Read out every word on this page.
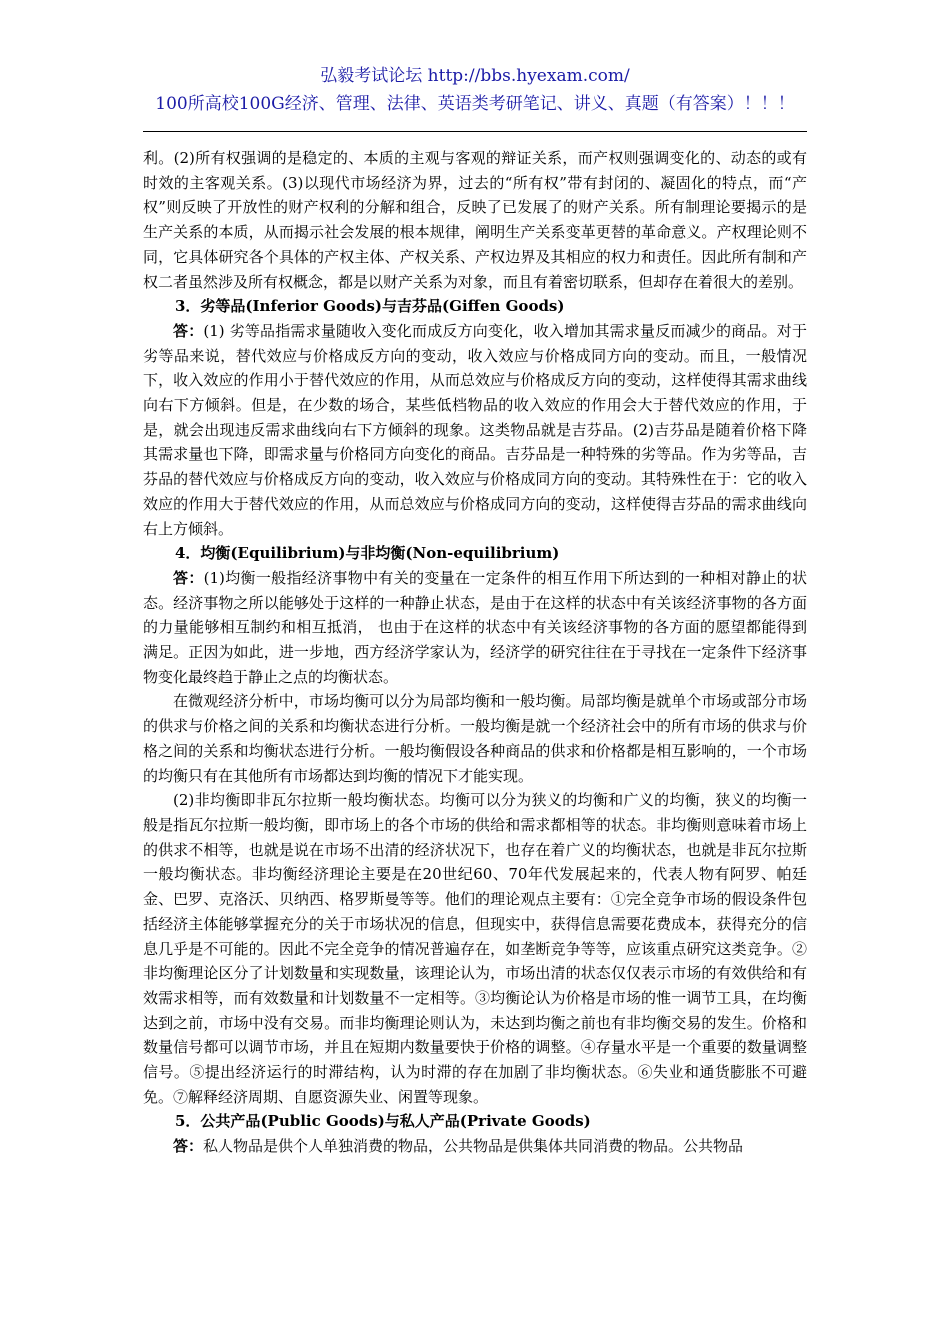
弘毅考试论坛 http://bbs.hyexam.com/
100所高校100G经济、管理、法律、英语类考研笔记、讲义、真题（有答案）！！！

利。(2)所有权强调的是稳定的、本质的主观与客观的辩证关系，而产权则强调变化的、动态的或有时效的主客观关系。(3)以现代市场经济为界，过去的“所有权”带有封闭的、凝固化的特点，而“产权”则反映了开放性的财产权利的分解和组合，反映了已发展了的财产关系。所有制理论要揭示的是生产关系的本质，从而揭示社会发展的根本规律，阐明生产关系变革更替的革命意义。产权理论则不同，它具体研究各个具体的产权主体、产权关系、产权边界及其相应的权力和责任。因此所有制和产权二者虽然涉及所有权概念，都是以财产关系为对象，而且有着密切联系，但却存在着很大的差别。

3．劣等品(Inferior Goods)与吉芬品(Giffen Goods)

答：(1) 劣等品指需求量随收入变化而成反方向变化，收入增加其需求量反而减少的商品。对于劣等品来说，替代效应与价格成反方向的变动，收入效应与价格成同方向的变动。而且，一般情况下，收入效应的作用小于替代效应的作用，从而总效应与价格成反方向的变动，这样使得其需求曲线向右下方倾斜。但是，在少数的场合，某些低档物品的收入效应的作用会大于替代效应的作用，于是，就会出现违反需求曲线向右下方倾斜的现象。这类物品就是吉芬品。(2)吉芬品是随着价格下降其需求量也下降，即需求量与价格同方向变化的商品。吉芬品是一种特殊的劣等品。作为劣等品，吉芬品的替代效应与价格成反方向的变动，收入效应与价格成同方向的变动。其特殊性在于：它的收入效应的作用大于替代效应的作用，从而总效应与价格成同方向的变动，这样使得吉芬品的需求曲线向右上方倾斜。

4．均衡(Equilibrium)与非均衡(Non-equilibrium)

答：(1)均衡一般指经济事物中有关的变量在一定条件的相互作用下所达到的一种相对静止的状态。经济事物之所以能够处于这样的一种静止状态，是由于在这样的状态中有关该经济事物的各方面的力量能够相互制约和相互抵消， 也由于在这样的状态中有关该经济事物的各方面的愿望都能得到满足。正因为如此，进一步地，西方经济学家认为，经济学的研究往往在于寻找在一定条件下经济事物变化最终趋于静止之点的均衡状态。

在微观经济分析中，市场均衡可以分为局部均衡和一般均衡。局部均衡是就单个市场或部分市场的供求与价格之间的关系和均衡状态进行分析。一般均衡是就一个经济社会中的所有市场的供求与价格之间的关系和均衡状态进行分析。一般均衡假设各种商品的供求和价格都是相互影响的，一个市场的均衡只有在其他所有市场都达到均衡的情况下才能实现。

(2)非均衡即非瓦尔拉斯一般均衡状态。均衡可以分为狭义的均衡和广义的均衡，狭义的均衡一般是指瓦尔拉斯一般均衡，即市场上的各个市场的供给和需求都相等的状态。非均衡则意味着市场上的供求不相等，也就是说在市场不出清的经济状况下，也存在着广义的均衡状态，也就是非瓦尔拉斯一般均衡状态。非均衡经济理论主要是在20世纪60、70年代发展起来的，代表人物有阿罗、帕廷金、巴罗、克洛沃、贝纳西、格罗斯曼等等。他们的理论观点主要有：①完全竞争市场的假设条件包括经济主体能够掌握充分的关于市场状况的信息，但现实中，获得信息需要花费成本，获得充分的信息几乎是不可能的。因此不完全竞争的情况普遍存在，如垄断竞争等等，应该重点研究这类竞争。②非均衡理论区分了计划数量和实现数量，该理论认为，市场出清的状态仅仅表示市场的有效供给和有效需求相等，而有效数量和计划数量不一定相等。③均衡论认为价格是市场的惟一调节工具，在均衡达到之前，市场中没有交易。而非均衡理论则认为，未达到均衡之前也有非均衡交易的发生。价格和数量信号都可以调节市场，并且在短期内数量要快于价格的调整。④存量水平是一个重要的数量调整信号。⑤提出经济运行的时滞结构，认为时滞的存在加剧了非均衡状态。⑥失业和通货膨胀不可避免。⑦解释经济周期、自愿资源失业、闲置等现象。

5．公共产品(Public Goods)与私人产品(Private Goods)

答：私人物品是供个人单独消费的物品，公共物品是供集体共同消费的物品。公共物品
